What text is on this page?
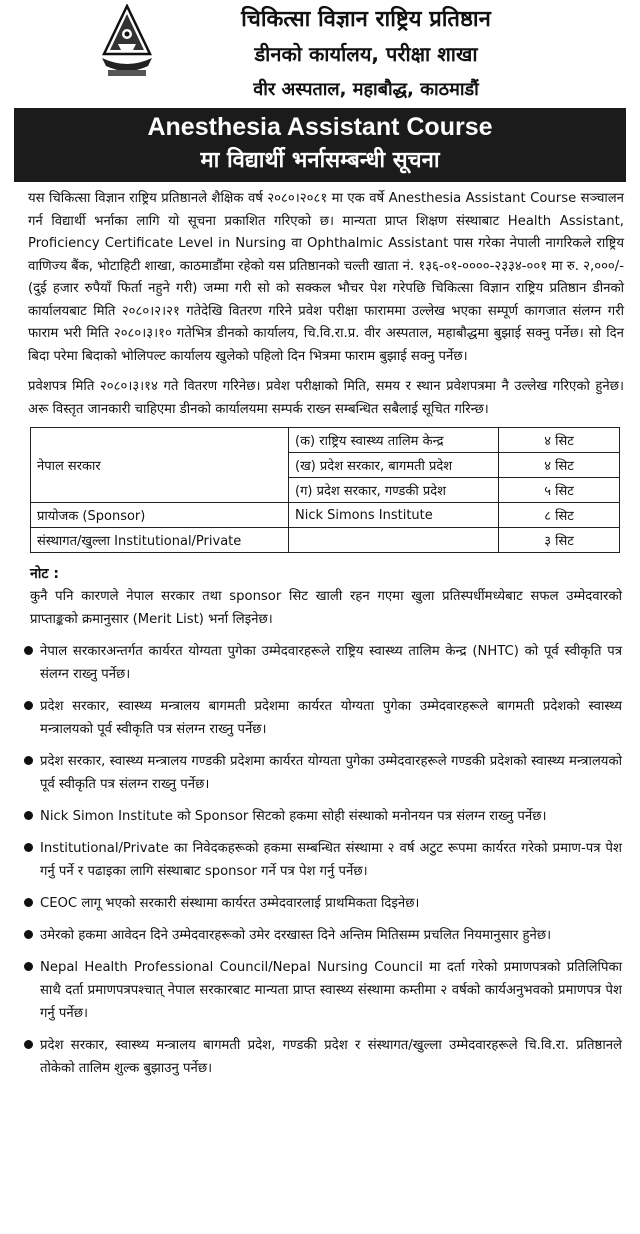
चिकित्सा विज्ञान राष्ट्रिय प्रतिष्ठान
डीनको कार्यालय, परीक्षा शाखा
वीर अस्पताल, महाबौद्ध, काठमाडौं
Anesthesia Assistant Course
मा विद्यार्थी भर्नासम्बन्धी सूचना

यस चिकित्सा विज्ञान राष्ट्रिय प्रतिष्ठानले शैक्षिक वर्ष २०८०।२०८१ मा एक वर्षे Anesthesia Assistant Course सञ्चालन गर्न विद्यार्थी भर्नाका लागि यो सूचना प्रकाशित गरिएको छ। मान्यता प्राप्त शिक्षण संस्थाबाट Health Assistant, Proficiency Certificate Level in Nursing वा Ophthalmic Assistant पास गरेका नेपाली नागरिकले राष्ट्रिय वाणिज्य बैंक, भोटाहिटी शाखा, काठमाडौंमा रहेको यस प्रतिष्ठानको चल्ती खाता नं. १३६-०१-००००-२३३४-००१ मा रु. २,०००/- (दुई हजार रुपैयाँ फिर्ता नहुने गरी) जम्मा गरी सो को सक्कल भौचर पेश गरेपछि चिकित्सा विज्ञान राष्ट्रिय प्रतिष्ठान डीनको कार्यालयबाट मिति २०८०।२।२१ गतेदेखि वितरण गरिने प्रवेश परीक्षा फाराममा उल्लेख भएका सम्पूर्ण कागजात संलग्न गरी फाराम भरी मिति २०८०।३।१० गतेभित्र डीनको कार्यालय, चि.वि.रा.प्र. वीर अस्पताल, महाबौद्धमा बुझाई सक्नु पर्नेछ। सो दिन बिदा परेमा बिदाको भोलिपल्ट कार्यालय खुलेको पहिलो दिन भित्रमा फाराम बुझाई सक्नु पर्नेछ।

प्रवेशपत्र मिति २०८०।३।१४ गते वितरण गरिनेछ। प्रवेश परीक्षाको मिति, समय र स्थान प्रवेशपत्रमा नै उल्लेख गरिएको हुनेछ। अरू विस्तृत जानकारी चाहिएमा डीनको कार्यालयमा सम्पर्क राख्न सम्बन्धित सबैलाई सूचित गरिन्छ।

नेपाल सरकार	(क) राष्ट्रिय स्वास्थ्य तालिम केन्द्र	४ सिट
	(ख) प्रदेश सरकार, बागमती प्रदेश	४ सिट
	(ग) प्रदेश सरकार, गण्डकी प्रदेश	५ सिट
प्रायोजक (Sponsor)	Nick Simons Institute	८ सिट
संस्थागत/खुल्ला Institutional/Private		३ सिट
नोट :
कुनै पनि कारणले नेपाल सरकार तथा sponsor सिट खाली रहन गएमा खुला प्रतिस्पर्धीमध्येबाट सफल उम्मेदवारको प्राप्ताङ्कको क्रमानुसार (Merit List) भर्ना लिइनेछ।
नेपाल सरकारअन्तर्गत कार्यरत योग्यता पुगेका उम्मेदवारहरूले राष्ट्रिय स्वास्थ्य तालिम केन्द्र (NHTC) को पूर्व स्वीकृति पत्र संलग्न राख्नु पर्नेछ।
प्रदेश सरकार, स्वास्थ्य मन्त्रालय बागमती प्रदेशमा कार्यरत योग्यता पुगेका उम्मेदवारहरूले बागमती प्रदेशको स्वास्थ्य मन्त्रालयको पूर्व स्वीकृति पत्र संलग्न राख्नु पर्नेछ।
प्रदेश सरकार, स्वास्थ्य मन्त्रालय गण्डकी प्रदेशमा कार्यरत योग्यता पुगेका उम्मेदवारहरूले गण्डकी प्रदेशको स्वास्थ्य मन्त्रालयको पूर्व स्वीकृति पत्र संलग्न राख्नु पर्नेछ।
Nick Simon Institute को Sponsor सिटको हकमा सोही संस्थाको मनोनयन पत्र संलग्न राख्नु पर्नेछ।
Institutional/Private का निवेदकहरूको हकमा सम्बन्धित संस्थामा २ वर्ष अटुट रूपमा कार्यरत गरेको प्रमाण-पत्र पेश गर्नु पर्ने र पढाइका लागि संस्थाबाट sponsor गर्ने पत्र पेश गर्नु पर्नेछ।
CEOC लागू भएको सरकारी संस्थामा कार्यरत उम्मेदवारलाई प्राथमिकता दिइनेछ।
उमेरको हकमा आवेदन दिने उम्मेदवारहरूको उमेर दरखास्त दिने अन्तिम मितिसम्म प्रचलित नियमानुसार हुनेछ।
Nepal Health Professional Council/Nepal Nursing Council मा दर्ता गरेको प्रमाणपत्रको प्रतिलिपिका साथै दर्ता प्रमाणपत्रपश्चात् नेपाल सरकारबाट मान्यता प्राप्त स्वास्थ्य संस्थामा कम्तीमा २ वर्षको कार्यअनुभवको प्रमाणपत्र पेश गर्नु पर्नेछ।
प्रदेश सरकार, स्वास्थ्य मन्त्रालय बागमती प्रदेश, गण्डकी प्रदेश र संस्थागत/खुल्ला उम्मेदवारहरूले चि.वि.रा. प्रतिष्ठानले तोकेको तालिम शुल्क बुझाउनु पर्नेछ।
